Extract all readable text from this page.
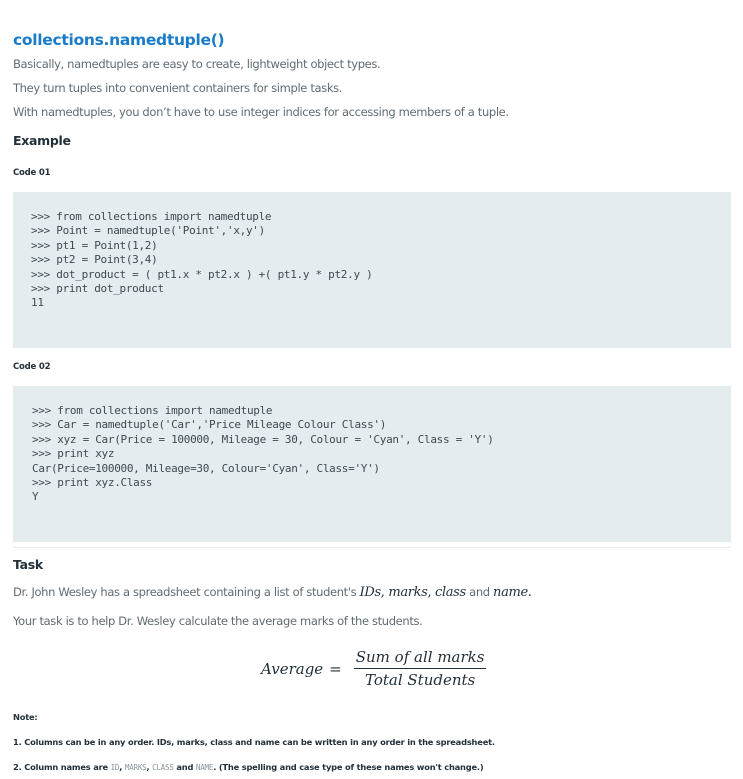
collections.namedtuple()

Basically, namedtuples are easy to create, lightweight object types.

They turn tuples into convenient containers for simple tasks.

With namedtuples, you don’t have to use integer indices for accessing members of a tuple.

Example
Code 01
>>> from collections import namedtuple
>>> Point = namedtuple('Point','x,y')
>>> pt1 = Point(1,2)
>>> pt2 = Point(3,4)
>>> dot_product = ( pt1.x * pt2.x ) +( pt1.y * pt2.y )
>>> print dot_product
11
Code 02
>>> from collections import namedtuple
>>> Car = namedtuple('Car','Price Mileage Colour Class')
>>> xyz = Car(Price = 100000, Mileage = 30, Colour = 'Cyan', Class = 'Y')
>>> print xyz
Car(Price=100000, Mileage=30, Colour='Cyan', Class='Y')
>>> print xyz.Class
Y
Task

Dr. John Wesley has a spreadsheet containing a list of student's IDs, marks, class and name.

Your task is to help Dr. Wesley calculate the average marks of the students.

Average = $\frac{\text{Sum of all marks}}{\text{Total Students}}$
Note:

1. Columns can be in any order. IDs, marks, class and name can be written in any order in the spreadsheet.

2. Column names are ID, MARKS, CLASS and NAME. (The spelling and case type of these names won't change.)
